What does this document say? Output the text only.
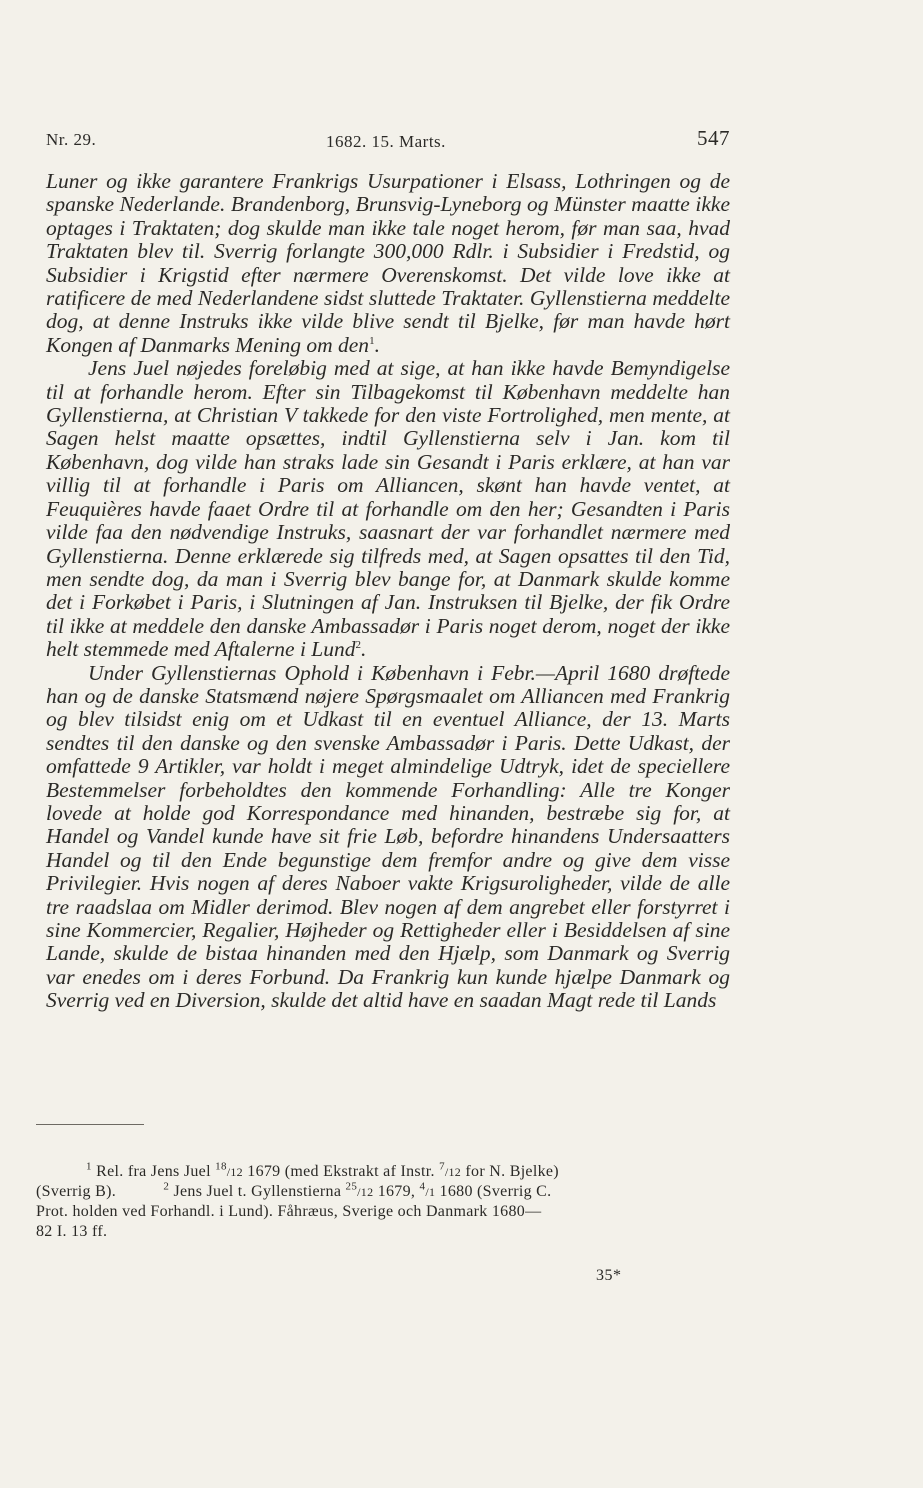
Nr. 29.	1682. 15. Marts.	547

Luner og ikke garantere Frankrigs Usurpationer i Elsass, Lothringen og de spanske Nederlande. Brandenborg, Brunsvig-Lyneborg og Münster maatte ikke optages i Traktaten; dog skulde man ikke tale noget herom, før man saa, hvad Traktaten blev til. Sverrig forlangte 300,000 Rdlr. i Subsidier i Fredstid, og Subsidier i Krigstid efter nærmere Overenskomst. Det vilde love ikke at ratificere de med Nederlandene sidst sluttede Traktater. Gyllenstierna meddelte dog, at denne Instruks ikke vilde blive sendt til Bjelke, før man havde hørt Kongen af Danmarks Mening om den$^1$.

Jens Juel nøjedes foreløbig med at sige, at han ikke havde Bemyndigelse til at forhandle herom. Efter sin Tilbagekomst til København meddelte han Gyllenstierna, at Christian V takkede for den viste Fortrolighed, men mente, at Sagen helst maatte opsættes, indtil Gyllenstierna selv i Jan. kom til København, dog vilde han straks lade sin Gesandt i Paris erklære, at han var villig til at forhandle i Paris om Alliancen, skønt han havde ventet, at Feuquières havde faaet Ordre til at forhandle om den her; Gesandten i Paris vilde faa den nødvendige Instruks, saasnart der var forhandlet nærmere med Gyllenstierna. Denne erklærede sig tilfreds med, at Sagen opsattes til den Tid, men sendte dog, da man i Sverrig blev bange for, at Danmark skulde komme det i Forkøbet i Paris, i Slutningen af Jan. Instruksen til Bjelke, der fik Ordre til ikke at meddele den danske Ambassadør i Paris noget derom, noget der ikke helt stemmede med Aftalerne i Lund$^2$.

Under Gyllenstiernas Ophold i København i Febr.—April 1680 drøftede han og de danske Statsmænd nøjere Spørgsmaalet om Alliancen med Frankrig og blev tilsidst enig om et Udkast til en eventuel Alliance, der 13. Marts sendtes til den danske og den svenske Ambassadør i Paris. Dette Udkast, der omfattede 9 Artikler, var holdt i meget almindelige Udtryk, idet de speciellere Bestemmelser forbeholdtes den kommende Forhandling: Alle tre Konger lovede at holde god Korrespondance med hinanden, bestræbe sig for, at Handel og Vandel kunde have sit frie Løb, befordre hinandens Undersaatters Handel og til den Ende begunstige dem fremfor andre og give dem visse Privilegier. Hvis nogen af deres Naboer vakte Krigsuroligheder, vilde de alle tre raadslaa om Midler derimod. Blev nogen af dem angrebet eller forstyrret i sine Kommercier, Regalier, Højheder og Rettigheder eller i Besiddelsen af sine Lande, skulde de bistaa hinanden med den Hjælp, som Danmark og Sverrig var enedes om i deres Forbund. Da Frankrig kun kunde hjælpe Danmark og Sverrig ved en Diversion, skulde det altid have en saadan Magt rede til Lands

$^1$ Rel. fra Jens Juel $^{18}$/12 1679 (med Ekstrakt af Instr. $^7$/12 for N. Bjelke)

(Sverrig B).	$^2$ Jens Juel t. Gyllenstierna $^{25}$/12 1679, $^4$/1 1680 (Sverrig C.

Prot. holden ved Forhandl. i Lund). Fåhræus, Sverige och Danmark 1680—

82 I. 13 ff.

35*
